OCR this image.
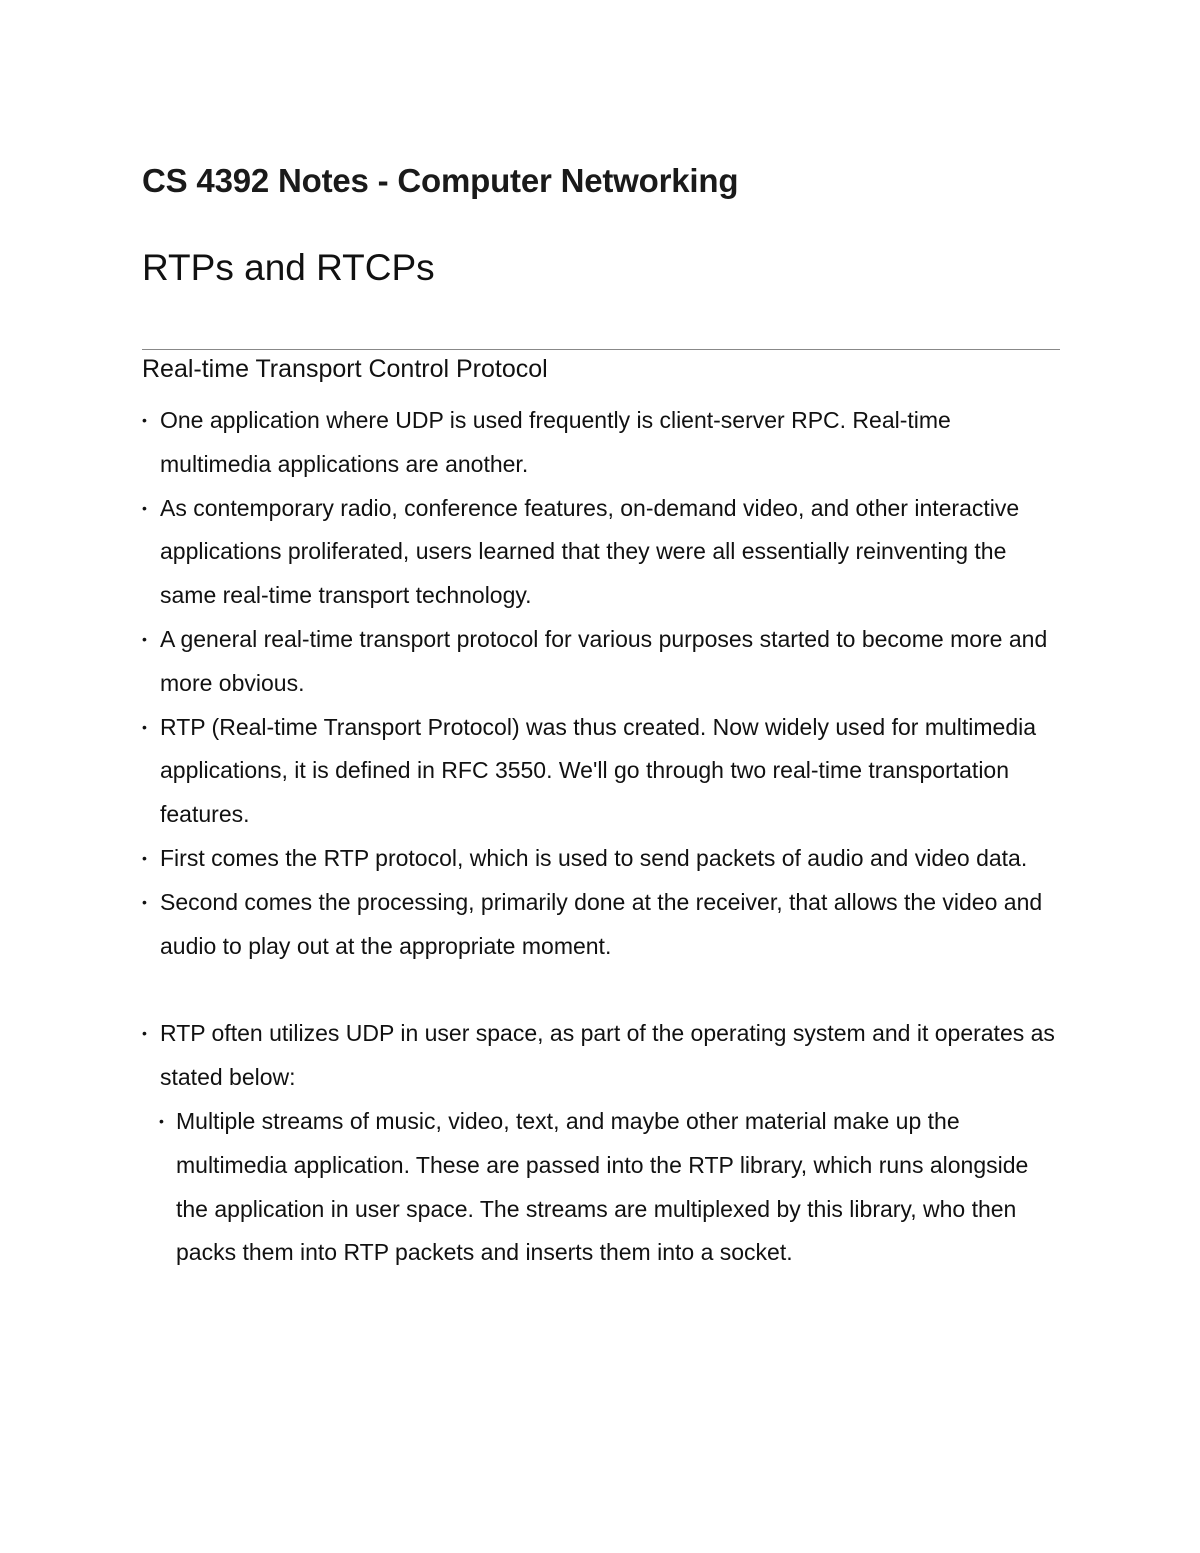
CS 4392 Notes - Computer Networking
RTPs and RTCPs
Real-time Transport Control Protocol
• One application where UDP is used frequently is client-server RPC. Real-time multimedia applications are another.
• As contemporary radio, conference features, on-demand video, and other interactive applications proliferated, users learned that they were all essentially reinventing the same real-time transport technology.
• A general real-time transport protocol for various purposes started to become more and more obvious.
• RTP (Real-time Transport Protocol) was thus created. Now widely used for multimedia applications, it is defined in RFC 3550. We'll go through two real-time transportation features.
• First comes the RTP protocol, which is used to send packets of audio and video data.
• Second comes the processing, primarily done at the receiver, that allows the video and audio to play out at the appropriate moment.
• RTP often utilizes UDP in user space, as part of the operating system and it operates as stated below:
• Multiple streams of music, video, text, and maybe other material make up the multimedia application. These are passed into the RTP library, which runs alongside the application in user space. The streams are multiplexed by this library, who then packs them into RTP packets and inserts them into a socket.
